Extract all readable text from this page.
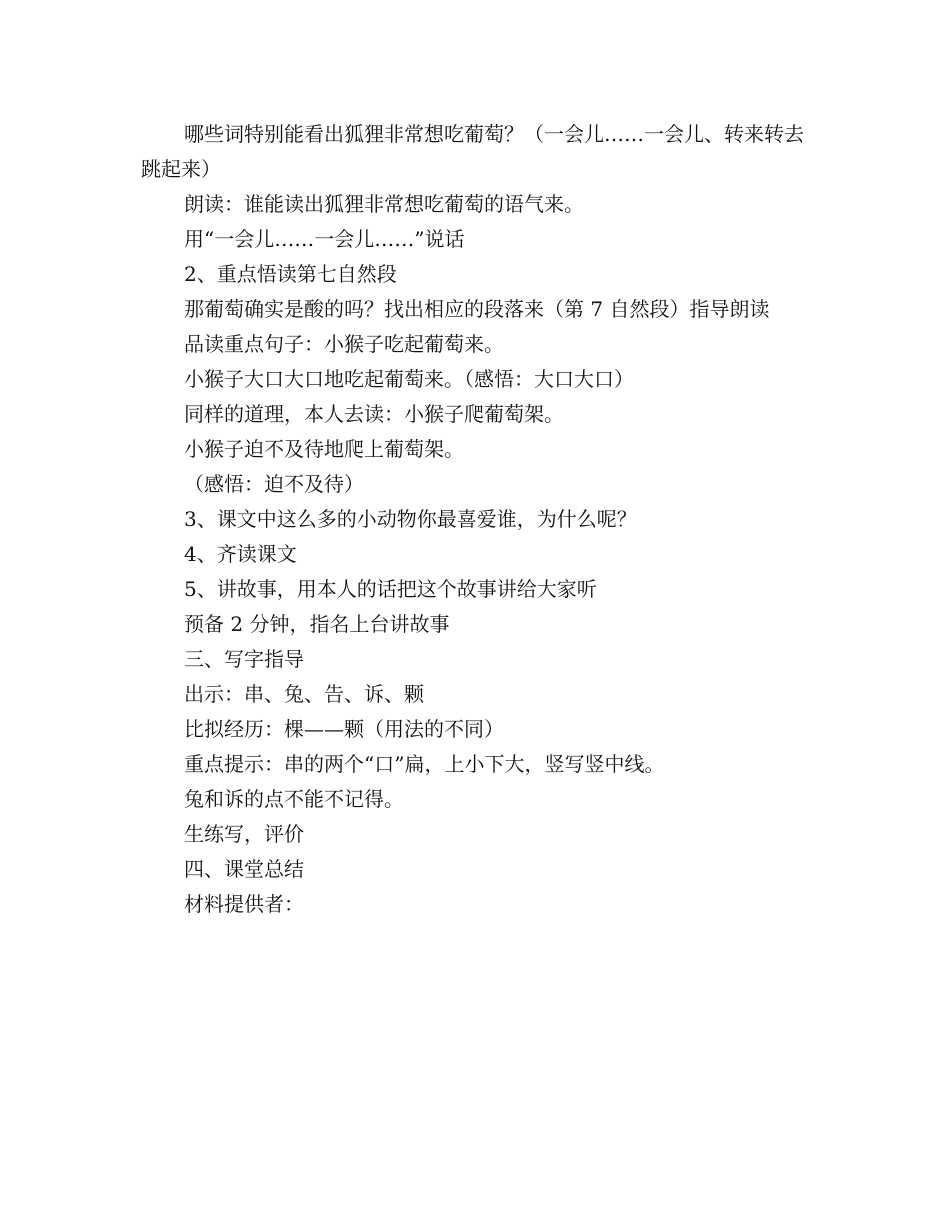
哪些词特别能看出狐狸非常想吃葡萄？（一会儿……一会儿、转来转去　跳起来）

朗读：谁能读出狐狸非常想吃葡萄的语气来。

用“一会儿……一会儿……”说话

2、重点悟读第七自然段

那葡萄确实是酸的吗？找出相应的段落来（第 7 自然段）指导朗读

品读重点句子：小猴子吃起葡萄来。

小猴子大口大口地吃起葡萄来。（感悟：大口大口）

同样的道理，本人去读：小猴子爬葡萄架。

小猴子迫不及待地爬上葡萄架。

（感悟：迫不及待）

3、课文中这么多的小动物你最喜爱谁，为什么呢？

4、齐读课文

5、讲故事，用本人的话把这个故事讲给大家听

预备 2 分钟，指名上台讲故事

三、写字指导

出示：串、兔、告、诉、颗

比拟经历：棵——颗（用法的不同）

重点提示：串的两个“口”扁，上小下大，竖写竖中线。

兔和诉的点不能不记得。

生练写，评价

四、课堂总结

材料提供者：
